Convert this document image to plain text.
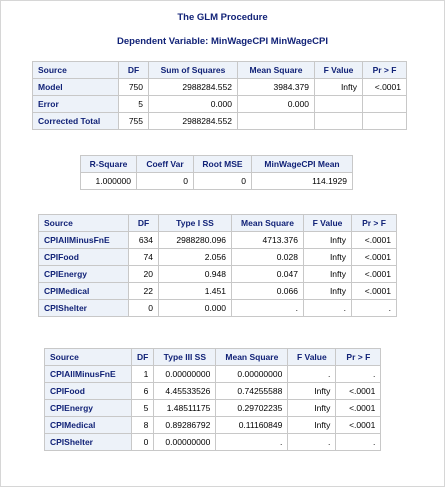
The GLM Procedure
Dependent Variable: MinWageCPI MinWageCPI
Source	DF	Sum of Squares	Mean Square	F Value	Pr > F
Model	750	2988284.552	3984.379	Infty	<.0001
Error	5	0.000	0.000		
Corrected Total	755	2988284.552			
R-Square	Coeff Var	Root MSE	MinWageCPI Mean
1.000000	0	0	114.1929
Source	DF	Type I SS	Mean Square	F Value	Pr > F
CPIAllMinusFnE	634	2988280.096	4713.376	Infty	<.0001
CPIFood	74	2.056	0.028	Infty	<.0001
CPIEnergy	20	0.948	0.047	Infty	<.0001
CPIMedical	22	1.451	0.066	Infty	<.0001
CPIShelter	0	0.000	.	.	.
Source	DF	Type III SS	Mean Square	F Value	Pr > F
CPIAllMinusFnE	1	0.00000000	0.00000000	.	.
CPIFood	6	4.45533526	0.74255588	Infty	<.0001
CPIEnergy	5	1.48511175	0.29702235	Infty	<.0001
CPIMedical	8	0.89286792	0.11160849	Infty	<.0001
CPIShelter	0	0.00000000	.	.	.
